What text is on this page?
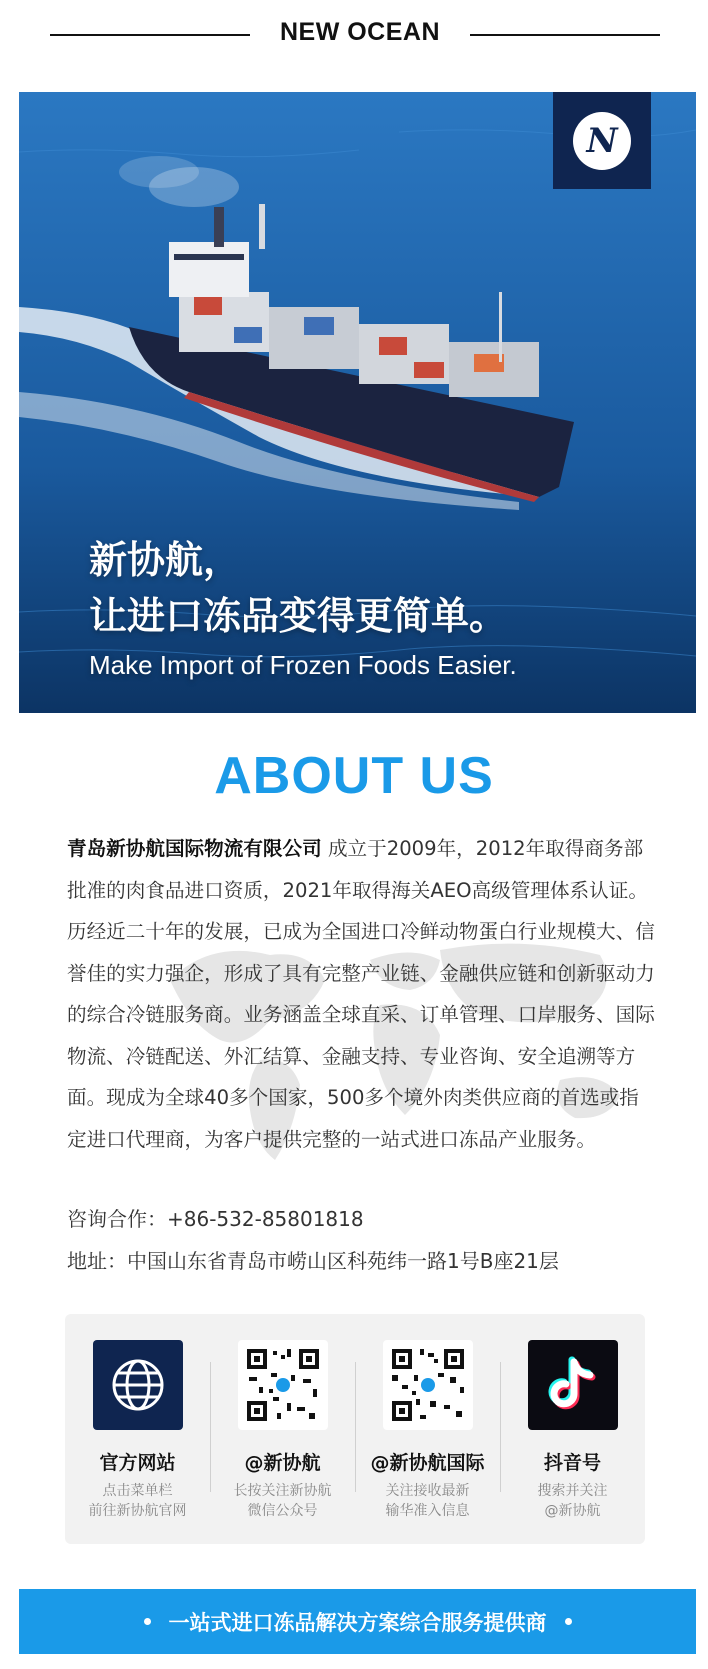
NEW OCEAN
N
新协航，
让进口冻品变得更简单。
Make Import of Frozen Foods Easier.
ABOUT US
青岛新协航国际物流有限公司 成立于2009年，2012年取得商务部批准的肉食品进口资质，2021年取得海关AEO高级管理体系认证。历经近二十年的发展，已成为全国进口冷鲜动物蛋白行业规模大、信誉佳的实力强企，形成了具有完整产业链、金融供应链和创新驱动力的综合冷链服务商。业务涵盖全球直采、订单管理、口岸服务、国际物流、冷链配送、外汇结算、金融支持、专业咨询、安全追溯等方面。现成为全球40多个国家，500多个境外肉类供应商的首选或指定进口代理商，为客户提供完整的一站式进口冻品产业服务。
咨询合作：+86-532-85801818
地址：中国山东省青岛市崂山区科苑纬一路1号B座21层
官方网站
点击菜单栏
前往新协航官网
@新协航
长按关注新协航
微信公众号
@新协航国际
关注接收最新
输华准入信息
抖音号
搜索并关注
@新协航
一站式进口冻品解决方案综合服务提供商
